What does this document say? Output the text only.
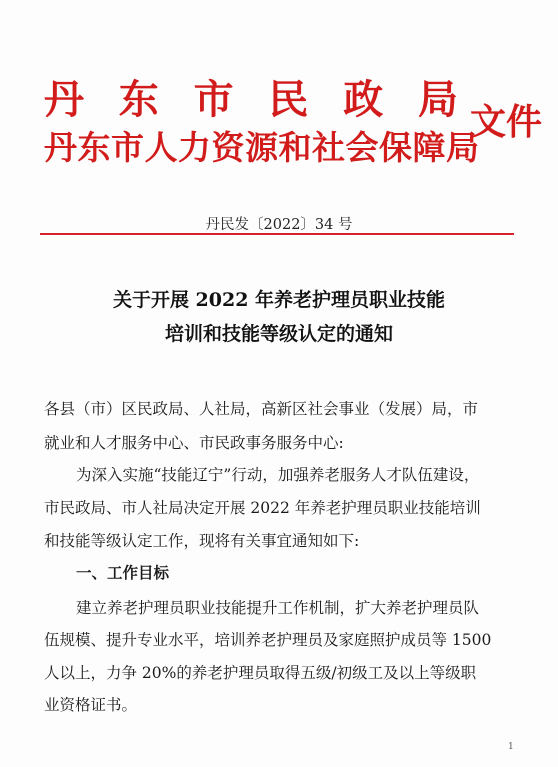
丹 东 市 民 政 局
丹东市人力资源和社会保障局
文件
丹民发〔2022〕34 号
关于开展 2022 年养老护理员职业技能
培训和技能等级认定的通知
各县（市）区民政局、人社局，高新区社会事业（发展）局，市
就业和人才服务中心、市民政事务服务中心:
为深入实施“技能辽宁”行动，加强养老服务人才队伍建设，
市民政局、市人社局决定开展 2022 年养老护理员职业技能培训
和技能等级认定工作，现将有关事宜通知如下:
一、工作目标
建立养老护理员职业技能提升工作机制，扩大养老护理员队
伍规模、提升专业水平，培训养老护理员及家庭照护成员等 1500
人以上，力争 20%的养老护理员取得五级/初级工及以上等级职
业资格证书。
1
